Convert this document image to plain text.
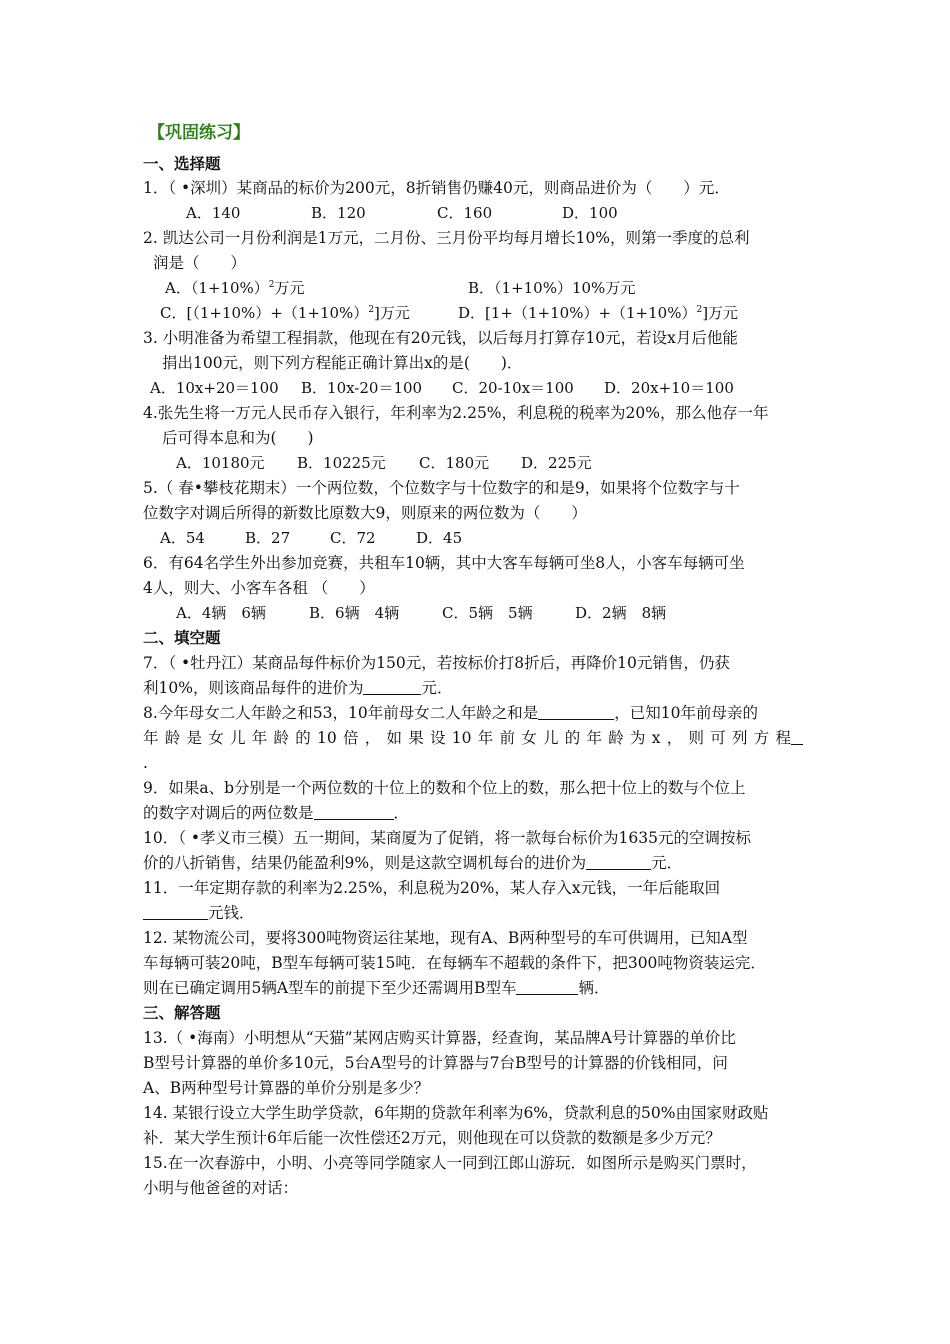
【巩固练习】
一、选择题
1．（ •深圳）某商品的标价为200元，8折销售仍赚40元，则商品进价为（　　）元．
A．140	B．120	C．160	D．100
2. 凯达公司一月份利润是1万元，二月份、三月份平均每月增长10%，则第一季度的总利
润是（　　）
A．$(1+10\%)^2$万元	B．（1+10%）10%万元
C．$[(1+10\%)+(1+10\%)^2]$万元	D．$[1+(1+10\%)+(1+10\%)^2]$万元
3. 小明准备为希望工程捐款，他现在有20元钱，以后每月打算存10元，若设x月后他能
捐出100元，则下列方程能正确计算出x的是(　　)．
A．10x+20＝100 B．10x-20＝100 C．20-10x＝100 D．20x+10＝100
4.张先生将一万元人民币存入银行，年利率为2.25%，利息税的税率为20%，那么他存一年
后可得本息和为(　　)
A．10180元 B．10225元 C．180元 D．225元
5.（ 春•攀枝花期末）一个两位数，个位数字与十位数字的和是9，如果将个位数字与十
位数字对调后所得的新数比原数大9，则原来的两位数为（　　）
A．54	B．27	C．72	D．45
6．有64名学生外出参加竞赛，共租车10辆，其中大客车每辆可坐8人，小客车每辆可坐
4人，则大、小客车各租 （　　）
A．4辆　6辆	B．6辆　4辆	C．5辆　5辆	D．2辆　8辆
二、填空题
7．（ •牡丹江）某商品每件标价为150元，若按标价打8折后，再降价10元销售，仍获
利10%，则该商品每件的进价为	元．
8.今年母女二人年龄之和53，10年前母女二人年龄之和是	，已知10年前母亲的
年龄是女儿年龄的10倍，如果设10年前女儿的年龄为x，则可列方程
.
9．如果a、b分别是一个两位数的十位上的数和个位上的数，那么把十位上的数与个位上
的数字对调后的两位数是	．
10．（ •孝义市三模）五一期间，某商厦为了促销，将一款每台标价为1635元的空调按标
价的八折销售，结果仍能盈利9%，则是这款空调机每台的进价为	元．
11．一年定期存款的利率为2.25%，利息税为20%，某人存入x元钱，一年后能取回
元钱．
12. 某物流公司，要将300吨物资运往某地，现有A、B两种型号的车可供调用，已知A型
车每辆可装20吨，B型车每辆可装15吨．在每辆车不超载的条件下，把300吨物资装运完．
则在已确定调用5辆A型车的前提下至少还需调用B型车	辆．
三、解答题
13.（ •海南）小明想从“天猫”某网店购买计算器，经查询，某品牌A号计算器的单价比
B型号计算器的单价多10元，5台A型号的计算器与7台B型号的计算器的价钱相同，问
A、B两种型号计算器的单价分别是多少？
14. 某银行设立大学生助学贷款，6年期的贷款年利率为6%，贷款利息的50%由国家财政贴
补．某大学生预计6年后能一次性偿还2万元，则他现在可以贷款的数额是多少万元？
15.在一次春游中，小明、小亮等同学随家人一同到江郎山游玩．如图所示是购买门票时，
小明与他爸爸的对话：
